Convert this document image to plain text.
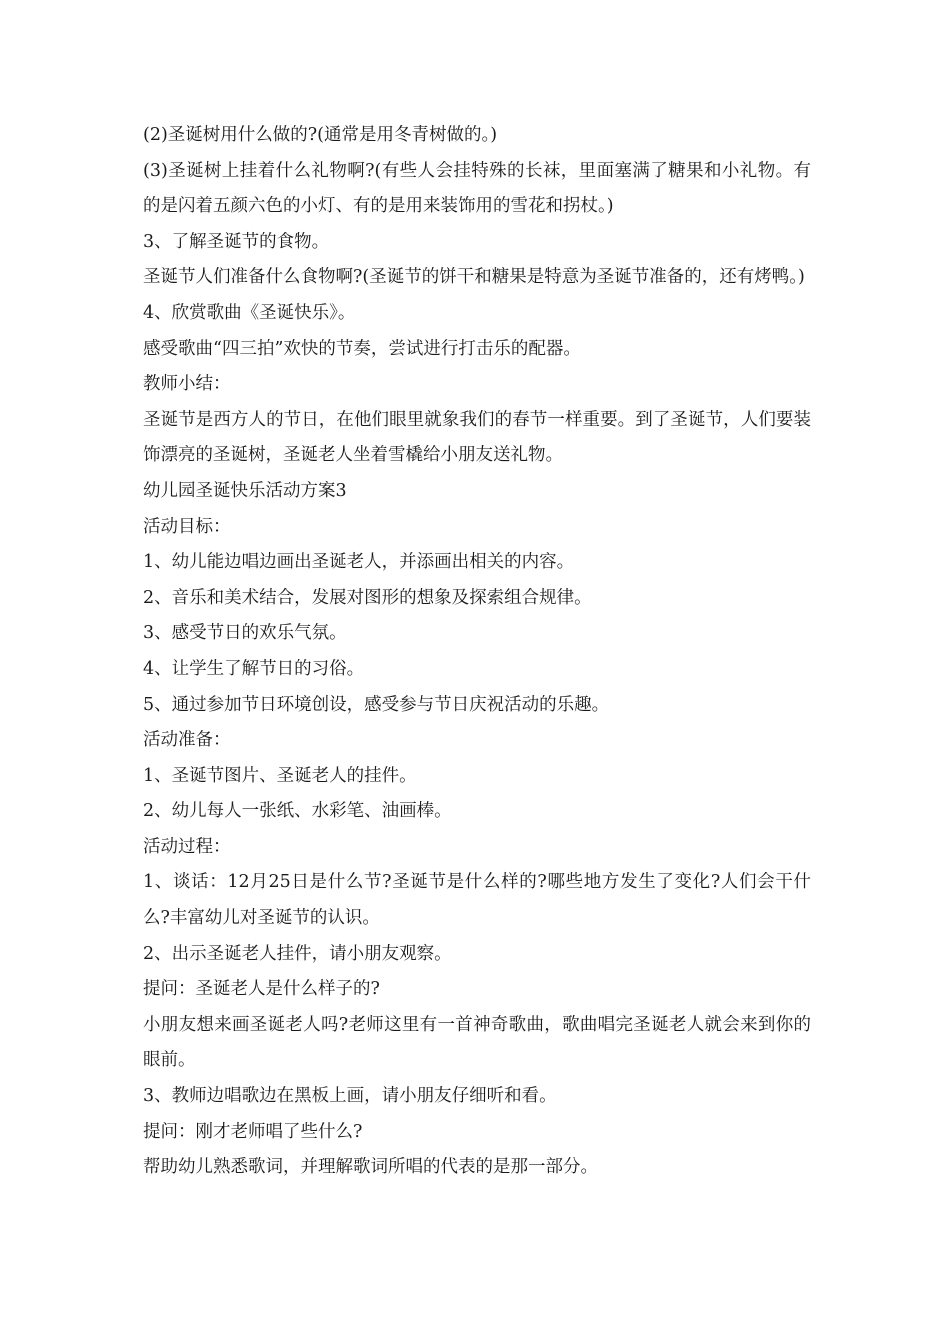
(2)圣诞树用什么做的?(通常是用冬青树做的。)

(3)圣诞树上挂着什么礼物啊?(有些人会挂特殊的长袜，里面塞满了糖果和小礼物。有的是闪着五颜六色的小灯、有的是用来装饰用的雪花和拐杖。)

3、了解圣诞节的食物。

圣诞节人们准备什么食物啊?(圣诞节的饼干和糖果是特意为圣诞节准备的，还有烤鸭。)

4、欣赏歌曲《圣诞快乐》。

感受歌曲“四三拍”欢快的节奏，尝试进行打击乐的配器。

教师小结：

圣诞节是西方人的节日，在他们眼里就象我们的春节一样重要。到了圣诞节，人们要装饰漂亮的圣诞树，圣诞老人坐着雪橇给小朋友送礼物。

幼儿园圣诞快乐活动方案3

活动目标：

1、幼儿能边唱边画出圣诞老人，并添画出相关的内容。

2、音乐和美术结合，发展对图形的想象及探索组合规律。

3、感受节日的欢乐气氛。

4、让学生了解节日的习俗。

5、通过参加节日环境创设，感受参与节日庆祝活动的乐趣。

活动准备：

1、圣诞节图片、圣诞老人的挂件。

2、幼儿每人一张纸、水彩笔、油画棒。

活动过程：

1、谈话：12月25日是什么节?圣诞节是什么样的?哪些地方发生了变化?人们会干什么?丰富幼儿对圣诞节的认识。

2、出示圣诞老人挂件，请小朋友观察。

提问：圣诞老人是什么样子的?

小朋友想来画圣诞老人吗?老师这里有一首神奇歌曲，歌曲唱完圣诞老人就会来到你的眼前。

3、教师边唱歌边在黑板上画，请小朋友仔细听和看。

提问：刚才老师唱了些什么?

帮助幼儿熟悉歌词，并理解歌词所唱的代表的是那一部分。
